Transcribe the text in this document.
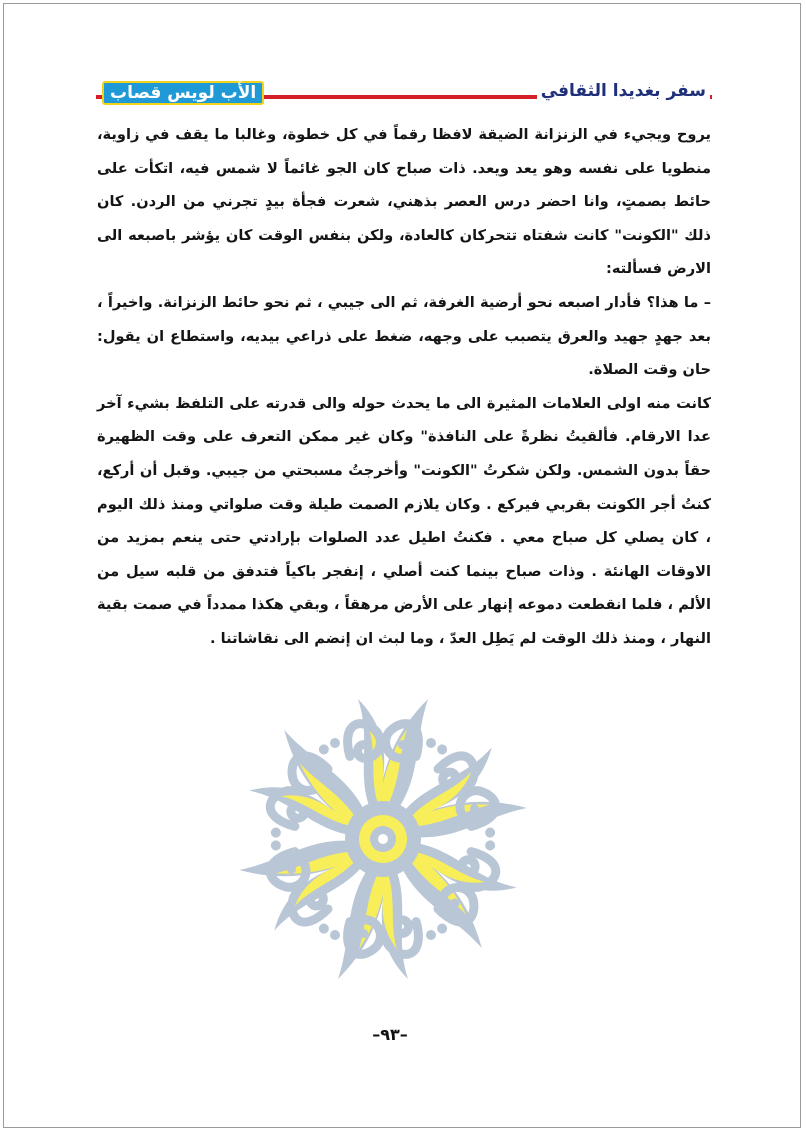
سفر بغديدا الثقافي
الأب لويس قصاب

يروح ويجيء في الزنزانة الضيقة لافظا رقماً في كل خطوة، وغالبا ما يقف في زاوية، منطويا على نفسه وهو يعد ويعد. ذات صباح كان الجو غائماً لا شمس فيه، اتكأت على حائط بصمتٍ، وانا احضر درس العصر بذهني، شعرت فجأة بيدٍ تجرني من الردن. كان ذلك "الكونت" كانت شفتاه تتحركان كالعادة، ولكن بنفس الوقت كان يؤشر باصبعه الى الارض فسألته:

– ما هذا؟ فأدار اصبعه نحو أرضية الغرفة، ثم الى جيبي ، ثم نحو حائط الزنزانة. واخيراً ، بعد جهدٍ جهيد والعرق يتصبب على وجهه، ضغط على ذراعي بيديه، واستطاع ان يقول: حان وقت الصلاة.

كانت منه اولى العلامات المثيرة الى ما يحدث حوله والى قدرته على التلفظ بشيء آخر عدا الارقام. فألقيتُ نظرةً على النافذة" وكان غير ممكن التعرف على وقت الظهيرة حقاً بدون الشمس. ولكن شكرتُ "الكونت" وأخرجتُ مسبحتي من جيبي. وقبل أن أركع، كنتُ أجر الكونت بقربي فيركع . وكان يلازم الصمت طيلة وقت صلواتي ومنذ ذلك اليوم ، كان يصلي كل صباح معي . فكنتُ اطيل عدد الصلوات بإرادتي حتى ينعم بمزيد من الاوقات الهانئة . وذات صباح بينما كنت أصلي ، إنفجر باكياً فتدفق من قلبه سيل من الألم ، فلما انقطعت دموعه إنهار على الأرض مرهقاً ، وبقي هكذا ممدداً في صمت بقية النهار ، ومنذ ذلك الوقت لم يَطِل العدّ ، وما لبث ان إنضم الى نقاشاتنا .

–٩٣–
